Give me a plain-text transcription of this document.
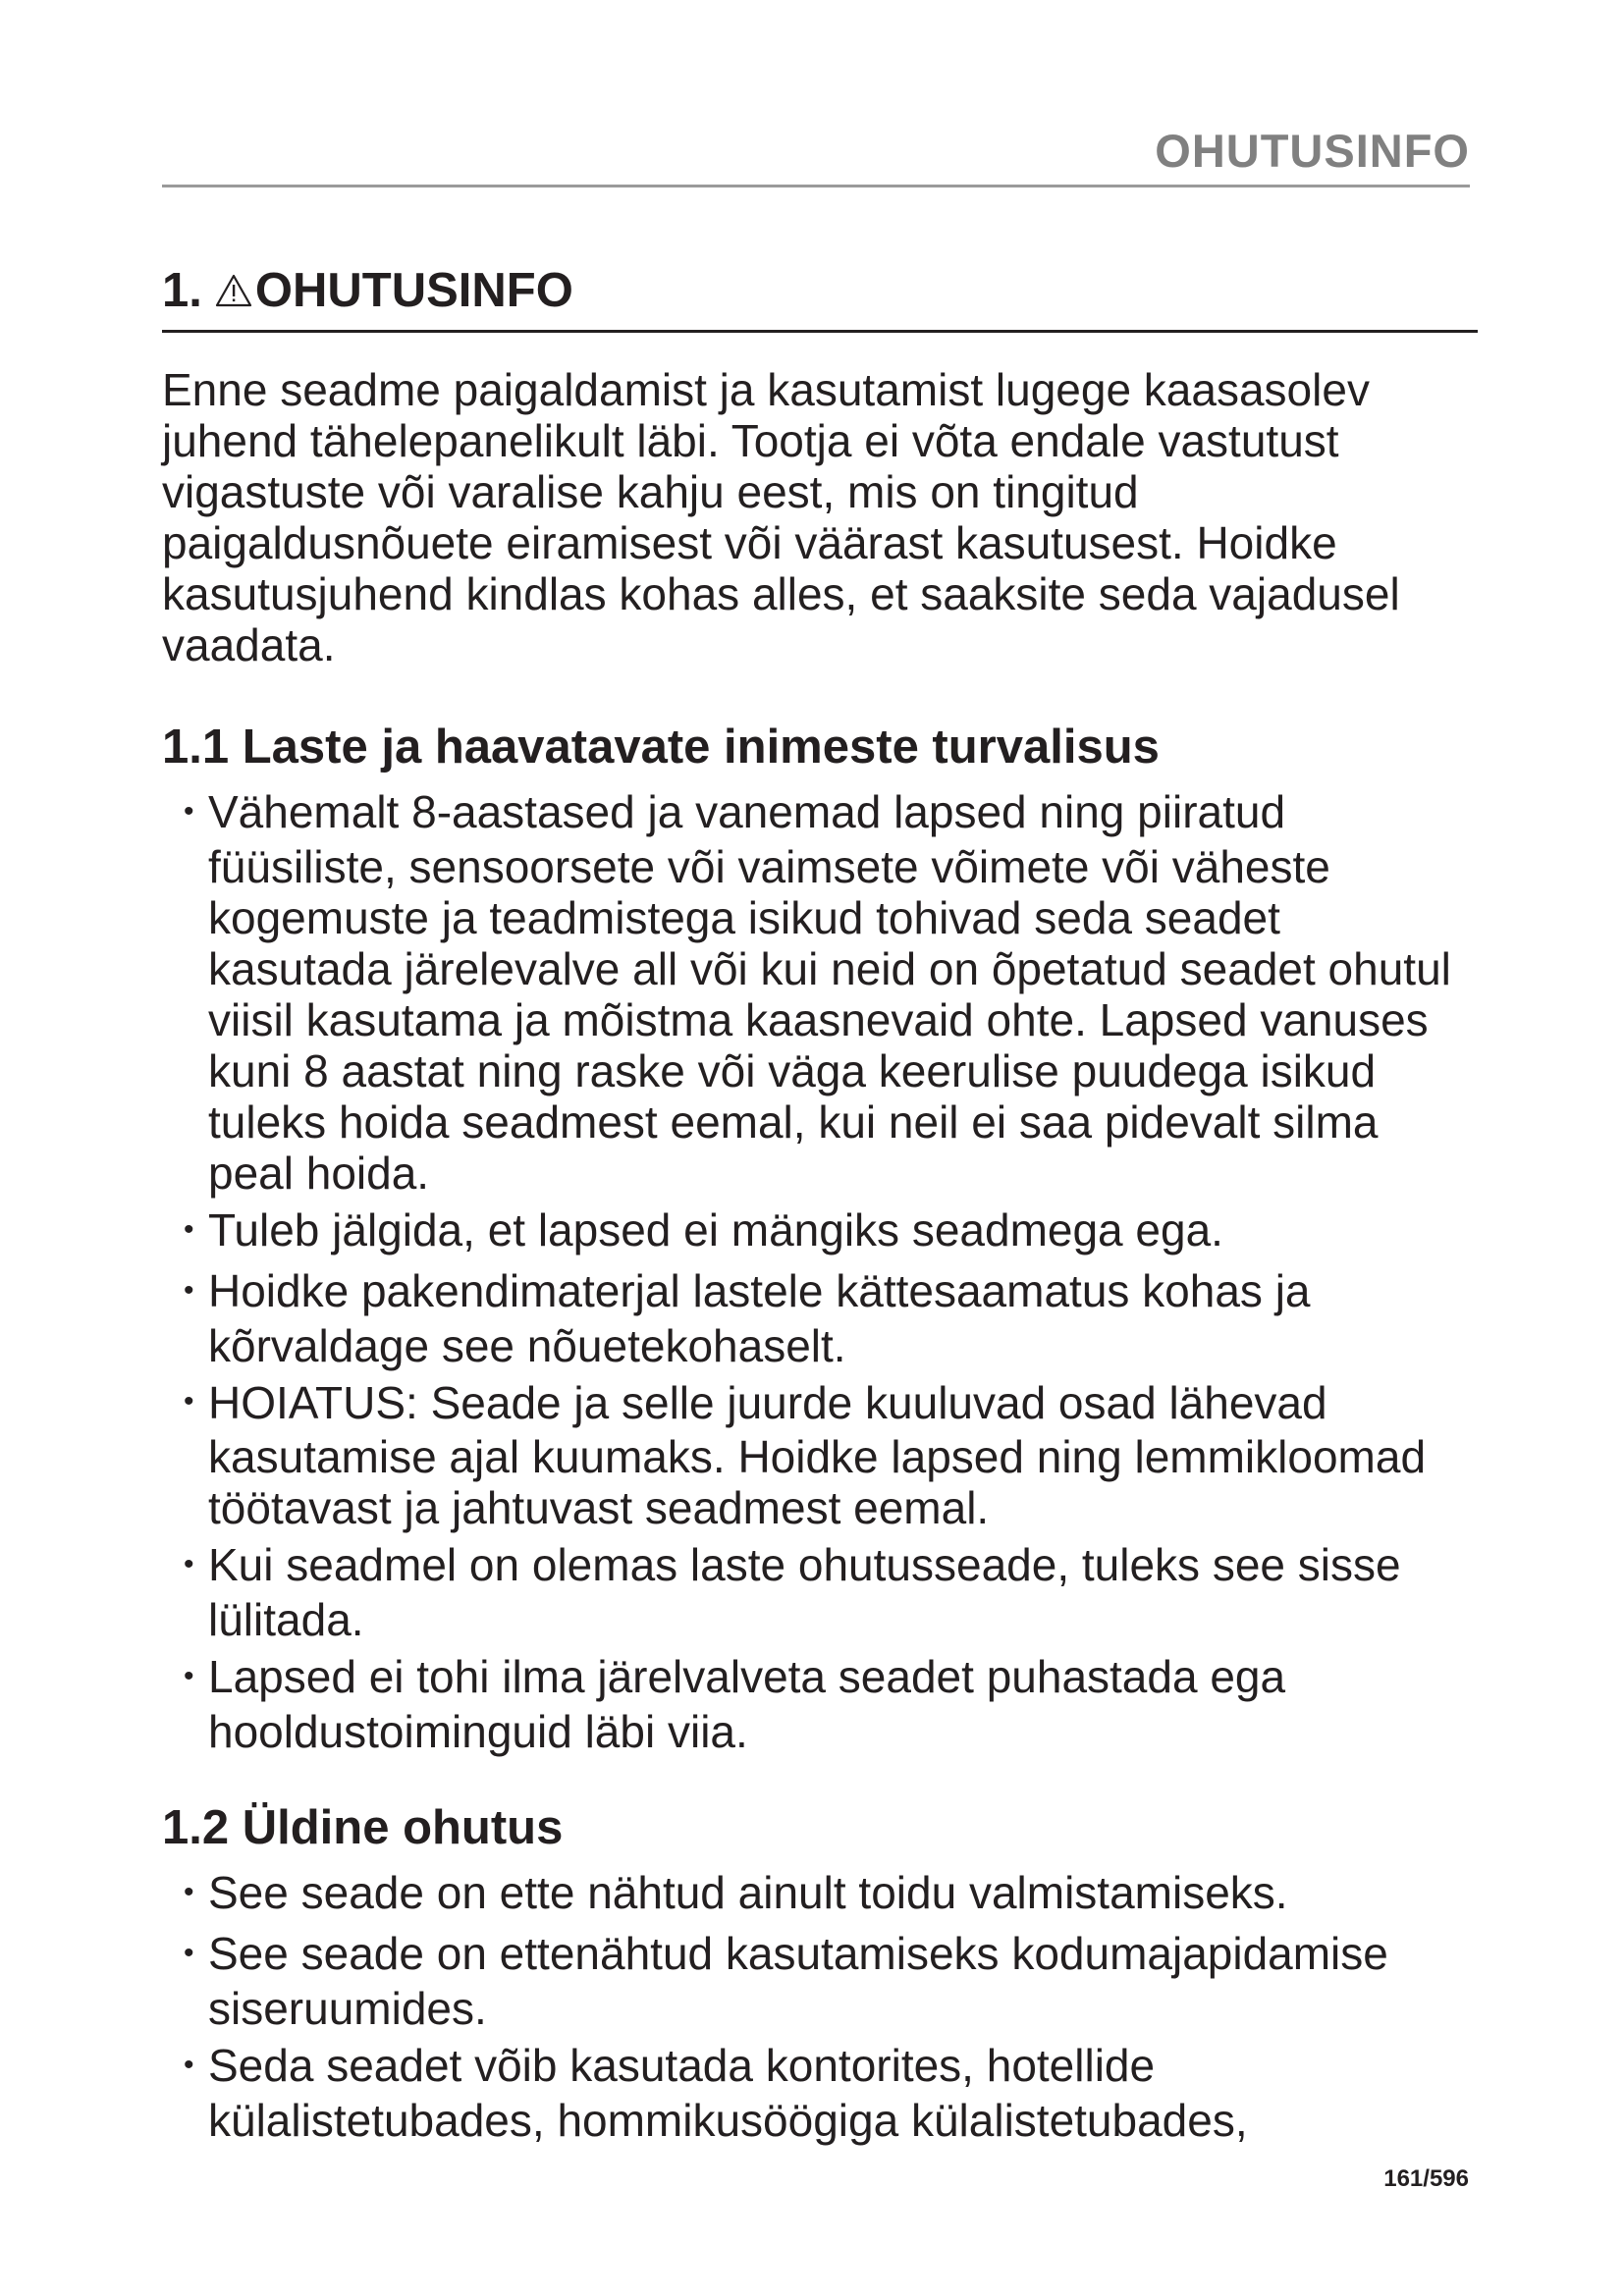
OHUTUSINFO
1. OHUTUSINFO

Enne seadme paigaldamist ja kasutamist lugege kaasasolev juhend tähelepanelikult läbi. Tootja ei võta endale vastutust vigastuste või varalise kahju eest, mis on tingitud paigaldusnõuete eiramisest või väärast kasutusest. Hoidke kasutusjuhend kindlas kohas alles, et saaksite seda vajadusel vaadata.

1.1 Laste ja haavatavate inimeste turvalisus
• Vähemalt 8-aastased ja vanemad lapsed ning piiratud füüsiliste, sensoorsete või vaimsete võimete või väheste kogemuste ja teadmistega isikud tohivad seda seadet kasutada järelevalve all või kui neid on õpetatud seadet ohutul viisil kasutama ja mõistma kaasnevaid ohte. Lapsed vanuses kuni 8 aastat ning raske või väga keerulise puudega isikud tuleks hoida seadmest eemal, kui neil ei saa pidevalt silma peal hoida.
• Tuleb jälgida, et lapsed ei mängiks seadmega ega.
• Hoidke pakendimaterjal lastele kättesaamatus kohas ja kõrvaldage see nõuetekohaselt.
• HOIATUS: Seade ja selle juurde kuuluvad osad lähevad kasutamise ajal kuumaks. Hoidke lapsed ning lemmikloomad töötavast ja jahtuvast seadmest eemal.
• Kui seadmel on olemas laste ohutusseade, tuleks see sisse lülitada.
• Lapsed ei tohi ilma järelvalveta seadet puhastada ega hooldustoiminguid läbi viia.
1.2 Üldine ohutus
• See seade on ette nähtud ainult toidu valmistamiseks.
• See seade on ettenähtud kasutamiseks kodumajapidamise siseruumides.
• Seda seadet võib kasutada kontorites, hotellide külalistetubades, hommikusöögiga külalistetubades,
161/596
